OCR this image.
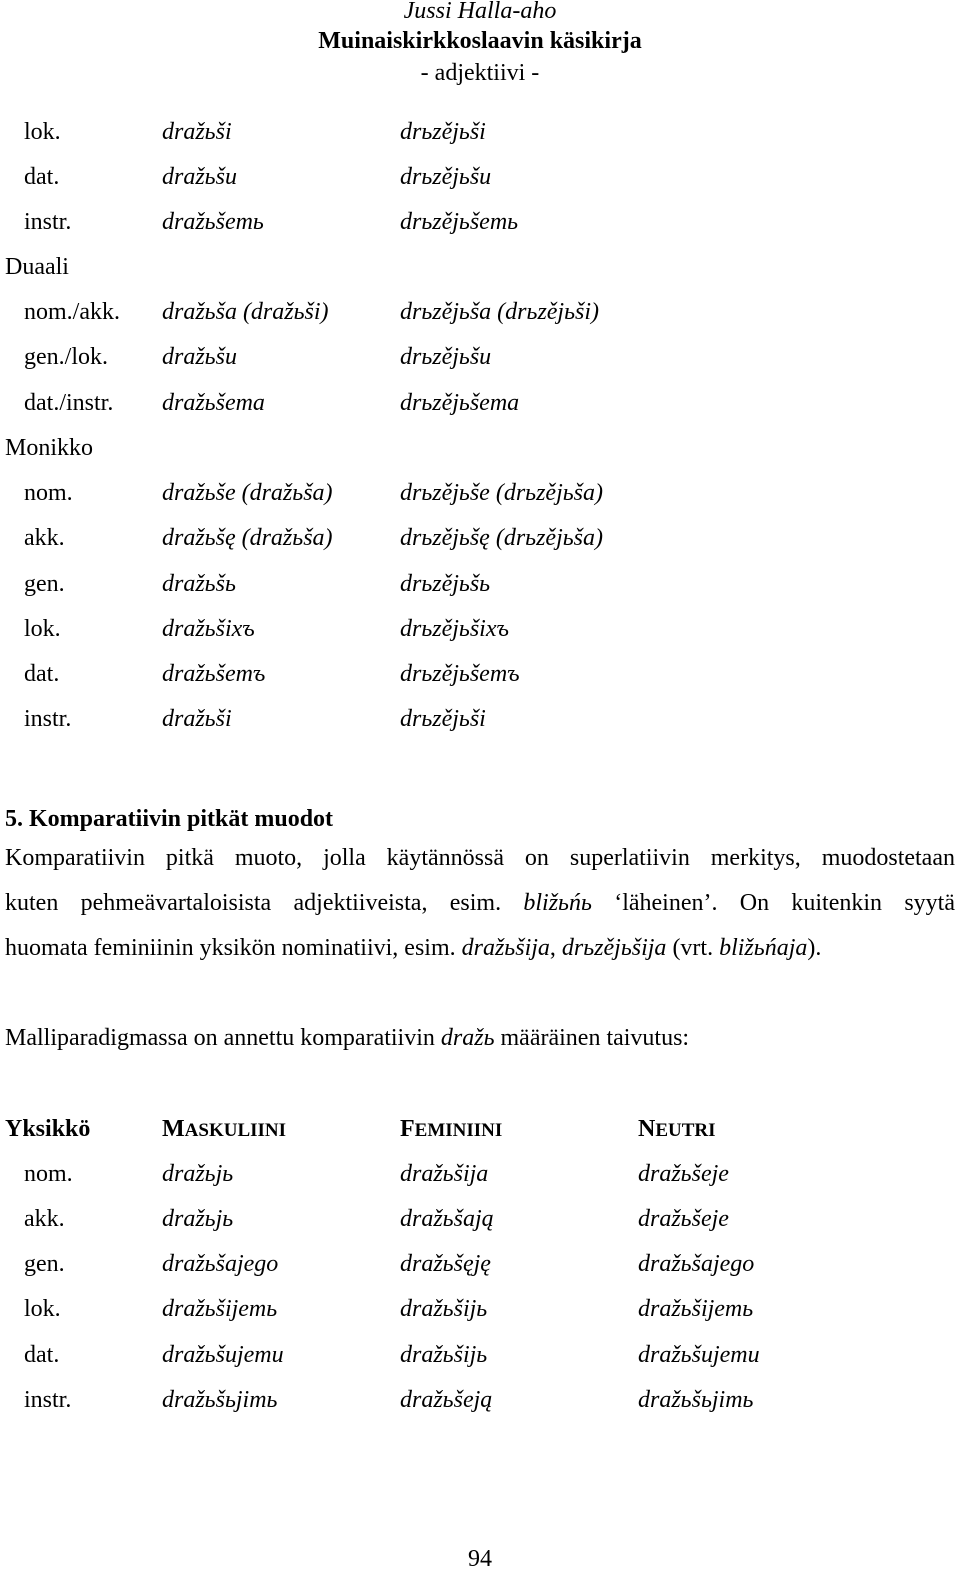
Jussi Halla-aho
Muinaiskirkkoslaavin käsikirja
- adjektiivi -
lok.	dražьši	drьzějьši
dat.	dražьšu	drьzějьšu
instr.	dražьšemь	drьzějьšemь
Duaali
nom./akk. dražьša (dražьši)	drьzějьša (drьzějьši)
gen./lok. dražьšu	drьzějьšu
dat./instr. dražьšema	drьzějьšema
Monikko
nom.	dražьše (dražьša)	drьzějьše (drьzějьša)
akk.	dražьšę (dražьša)	drьzějьšę (drьzějьša)
gen.	dražьšь	drьzějьšь
lok.	dražьšixъ	drьzějьšixъ
dat.	dražьšemъ	drьzějьšemъ
instr.	dražьši	drьzějьši
5. Komparatiivin pitkät muodot
Komparatiivin pitkä muoto, jolla käytännössä on superlatiivin merkitys, muodostetaan
kuten pehmeävartaloisista adjektiiveista, esim. bližьńь ‘läheinen’. On kuitenkin syytä
huomata feminiinin yksikön nominatiivi, esim. dražьšija, drьzějьšija (vrt. bližьńaja).
Malliparadigmassa on annettu komparatiivin dražь määräinen taivutus:
Yksikkö	MASKULIINI	FEMINIINI	NEUTRI
nom.	dražьjь	dražьšija	dražьšeje
akk.	dražьjь	dražьšają	dražьšeje
gen.	dražьšajego	dražьšęję	dražьšajego
lok.	dražьšijemь	dražьšijь	dražьšijemь
dat.	dražьšujemu	dražьšijь	dražьšujemu
instr.	dražьšьjimь	dražьšeją	dražьšьjimь
94
